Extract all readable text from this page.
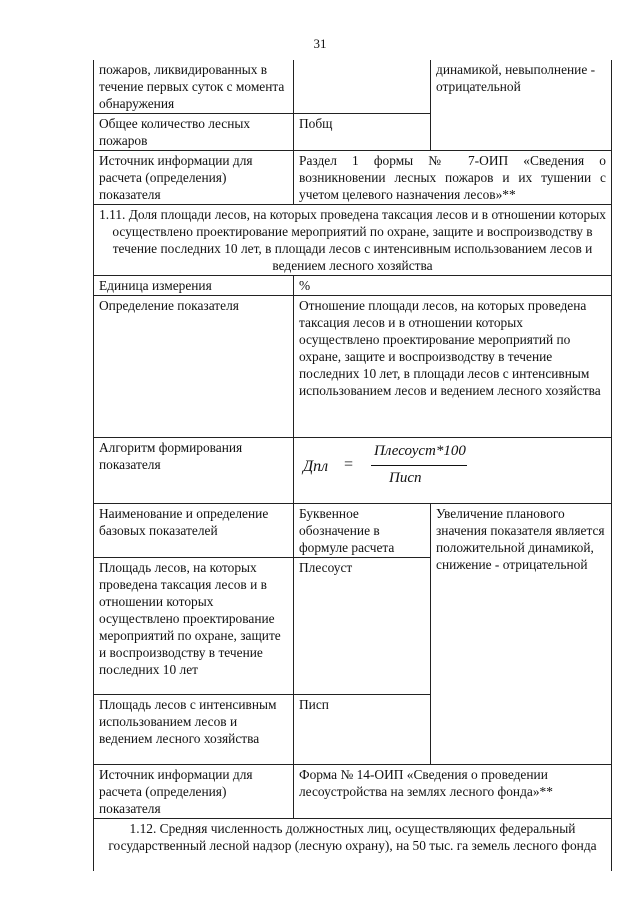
31
пожаров, ликвидированных в течение первых суток с момента обнаружения		динамикой, невыполнение - отрицательной
Общее количество лесных пожаров	Побщ	
Источник информации для расчета (определения) показателя	Раздел 1 формы № 7-ОИП «Сведения о возникновении лесных пожаров и их тушении с учетом целевого назначения лесов»**	
1.11. Доля площади лесов, на которых проведена таксация лесов и в отношении которых осуществлено проектирование мероприятий по охране, защите и воспроизводству в течение последних 10 лет, в площади лесов с интенсивным использованием лесов и ведением лесного хозяйства		
Единица измерения	%	
Определение показателя	Отношение площади лесов, на которых проведена таксация лесов и в отношении которых осуществлено проектирование мероприятий по охране, защите и воспроизводству в течение последних 10 лет, в площади лесов с интенсивным использованием лесов и ведением лесного хозяйства	
Алгоритм формирования показателя	Дпл =
Плесоуст*100
Писп	

Наименование и определение базовых показателей	Буквенное обозначение в формуле расчета	Увеличение планового значения показателя является положительной динамикой, снижение - отрицательной
Площадь лесов, на которых проведена таксация лесов и в отношении которых осуществлено проектирование мероприятий по охране, защите и воспроизводству в течение последних 10 лет	Плесоуст	
Площадь лесов с интенсивным использованием лесов и ведением лесного хозяйства	Писп	
Источник информации для расчета (определения) показателя	Форма № 14-ОИП «Сведения о проведении лесоустройства на землях лесного фонда»**	
1.12. Средняя численность должностных лиц, осуществляющих федеральный государственный лесной надзор (лесную охрану), на 50 тыс. га земель лесного фонда		
